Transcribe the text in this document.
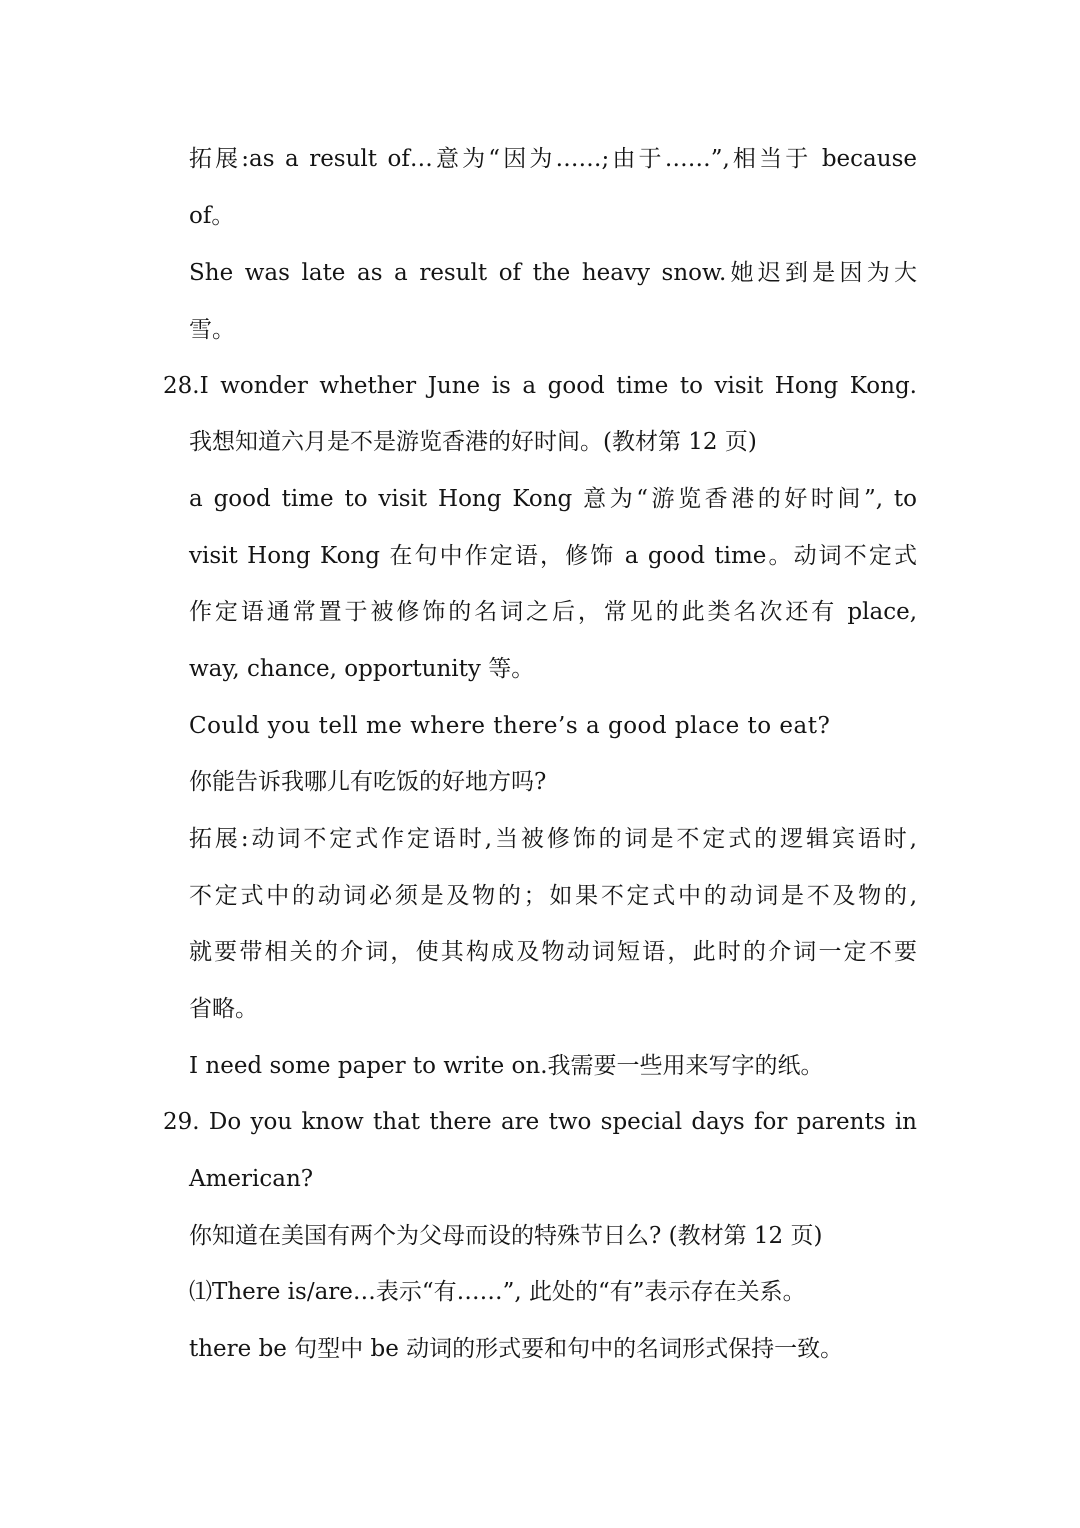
拓展:as a result of…意为“因为……;由于……”,相当于 because
of。
She was late as a result of the heavy snow.她迟到是因为大
雪。
28.I wonder whether June is a good time to visit Hong Kong.
我想知道六月是不是游览香港的好时间。(教材第 12 页)
a good time to visit Hong Kong 意为“游览香港的好时间”, to
visit Hong Kong 在句中作定语，修饰 a good time。动词不定式
作定语通常置于被修饰的名词之后，常见的此类名次还有 place,
way, chance, opportunity 等。
Could you tell me where there’s a good place to eat?
你能告诉我哪儿有吃饭的好地方吗?
拓展:动词不定式作定语时,当被修饰的词是不定式的逻辑宾语时,
不定式中的动词必须是及物的；如果不定式中的动词是不及物的,
就要带相关的介词，使其构成及物动词短语，此时的介词一定不要
省略。
I need some paper to write on.我需要一些用来写字的纸。
29. Do you know that there are two special days for parents in
American?
你知道在美国有两个为父母而设的特殊节日么? (教材第 12 页)
⑴There is/are…表示“有……”, 此处的“有”表示存在关系。
there be 句型中 be 动词的形式要和句中的名词形式保持一致。
